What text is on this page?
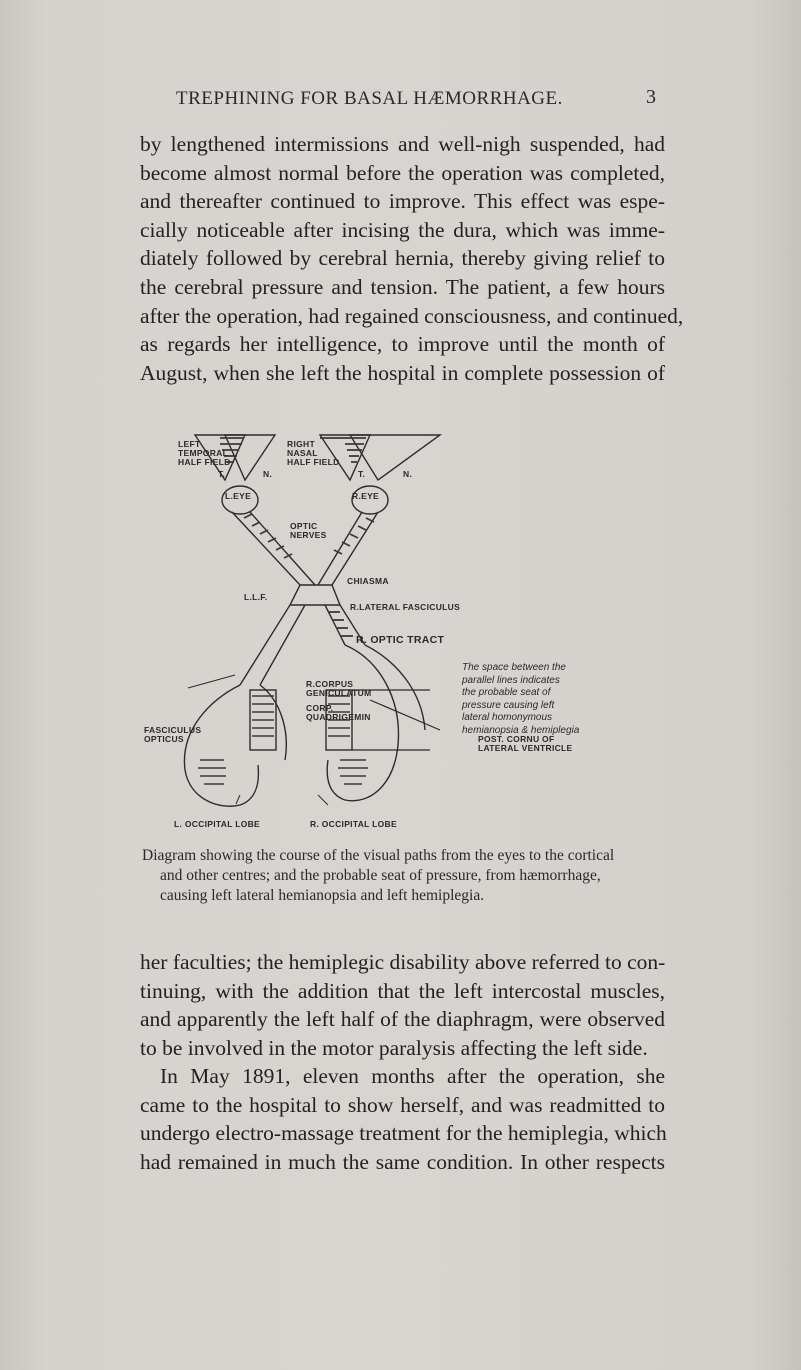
TREPHINING FOR BASAL HÆMORRHAGE.	3
by lengthened intermissions and well-nigh suspended, had
become almost normal before the operation was completed,
and thereafter continued to improve. This effect was espe-
cially noticeable after incising the dura, which was imme-
diately followed by cerebral hernia, thereby giving relief to
the cerebral pressure and tension. The patient, a few hours
after the operation, had regained consciousness, and continued,
as regards her intelligence, to improve until the month of
August, when she left the hospital in complete possession of
LEFT
TEMPORAL
HALF FIELD
RIGHT
NASAL
HALF FIELD
T.	N.	T.	N.
L.EYE	R.EYE
OPTIC
NERVES
CHIASMA
L.L.F.
R.LATERAL FASCICULUS
R. OPTIC TRACT
R.CORPUS
GENICULATUM
CORP.
QUADRIGEMIN
FASCICULUS
OPTICUS	POST. CORNU OF
LATERAL VENTRICLE
The space between the
parallel lines indicates
the probable seat of
pressure causing left
lateral homonymous
hemianopsia & hemiplegia
L. OCCIPITAL LOBE	R. OCCIPITAL LOBE
Diagram showing the course of the visual paths from the eyes to the cortical
and other centres; and the probable seat of pressure, from hæmorrhage,
causing left lateral hemianopsia and left hemiplegia.
her faculties; the hemiplegic disability above referred to con-
tinuing, with the addition that the left intercostal muscles,
and apparently the left half of the diaphragm, were observed
to be involved in the motor paralysis affecting the left side.
In May 1891, eleven months after the operation, she
came to the hospital to show herself, and was readmitted to
undergo electro-massage treatment for the hemiplegia, which
had remained in much the same condition. In other respects
